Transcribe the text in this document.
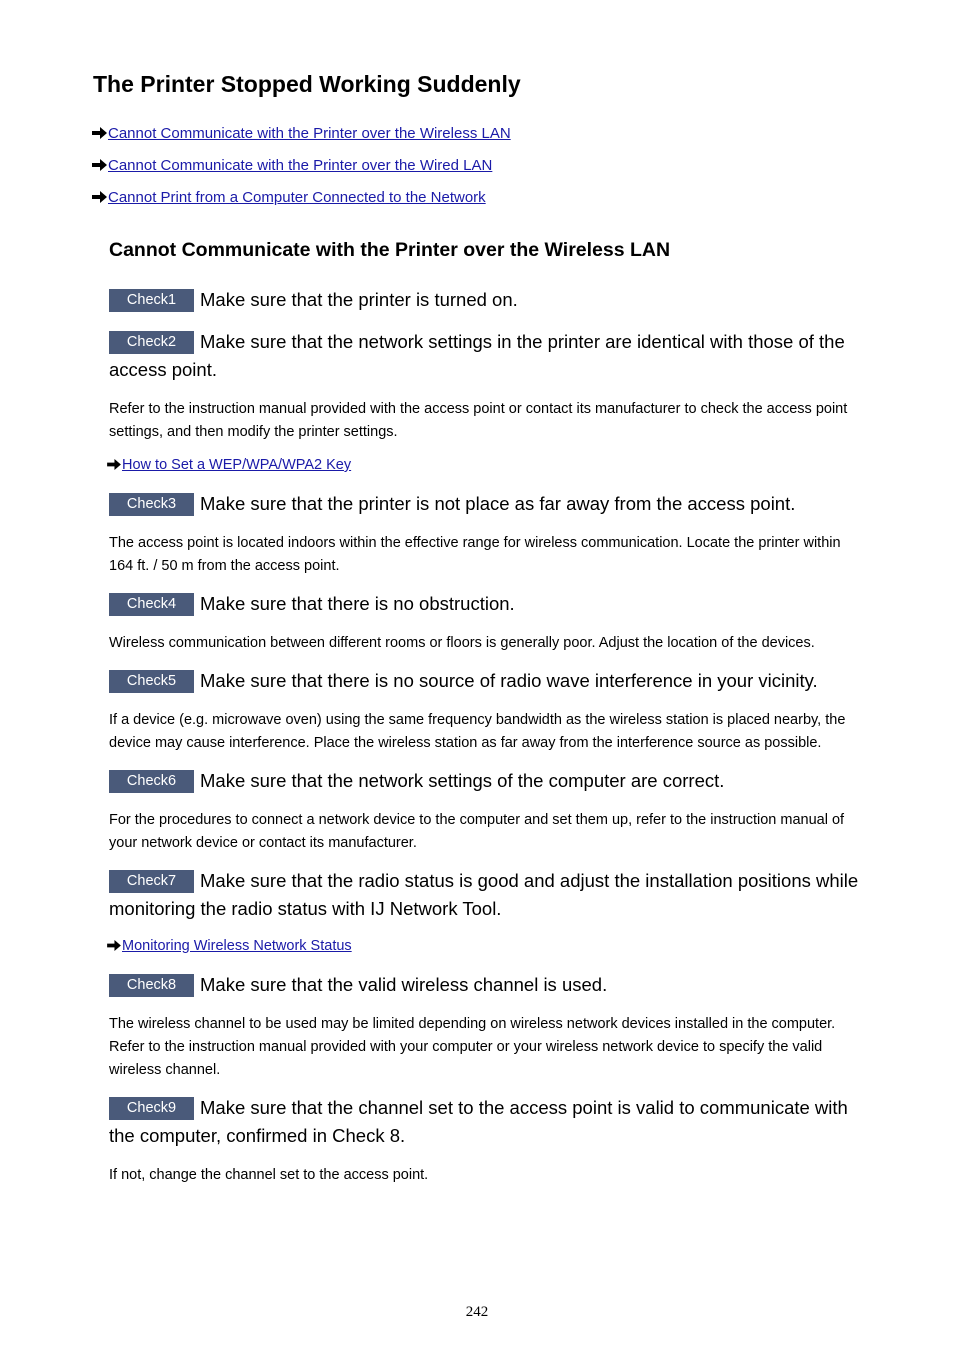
The Printer Stopped Working Suddenly
Cannot Communicate with the Printer over the Wireless LAN
Cannot Communicate with the Printer over the Wired LAN
Cannot Print from a Computer Connected to the Network
Cannot Communicate with the Printer over the Wireless LAN

Check1 Make sure that the printer is turned on.

Check2 Make sure that the network settings in the printer are identical with those of the access point.

Refer to the instruction manual provided with the access point or contact its manufacturer to check the access point settings, and then modify the printer settings.

How to Set a WEP/WPA/WPA2 Key

Check3 Make sure that the printer is not place as far away from the access point.

The access point is located indoors within the effective range for wireless communication. Locate the printer within 164 ft. / 50 m from the access point.

Check4 Make sure that there is no obstruction.

Wireless communication between different rooms or floors is generally poor. Adjust the location of the devices.

Check5 Make sure that there is no source of radio wave interference in your vicinity.

If a device (e.g. microwave oven) using the same frequency bandwidth as the wireless station is placed nearby, the device may cause interference. Place the wireless station as far away from the interference source as possible.

Check6 Make sure that the network settings of the computer are correct.

For the procedures to connect a network device to the computer and set them up, refer to the instruction manual of your network device or contact its manufacturer.

Check7 Make sure that the radio status is good and adjust the installation positions while monitoring the radio status with IJ Network Tool.

Monitoring Wireless Network Status

Check8 Make sure that the valid wireless channel is used.

The wireless channel to be used may be limited depending on wireless network devices installed in the computer. Refer to the instruction manual provided with your computer or your wireless network device to specify the valid wireless channel.

Check9 Make sure that the channel set to the access point is valid to communicate with the computer, confirmed in Check 8.

If not, change the channel set to the access point.

242
